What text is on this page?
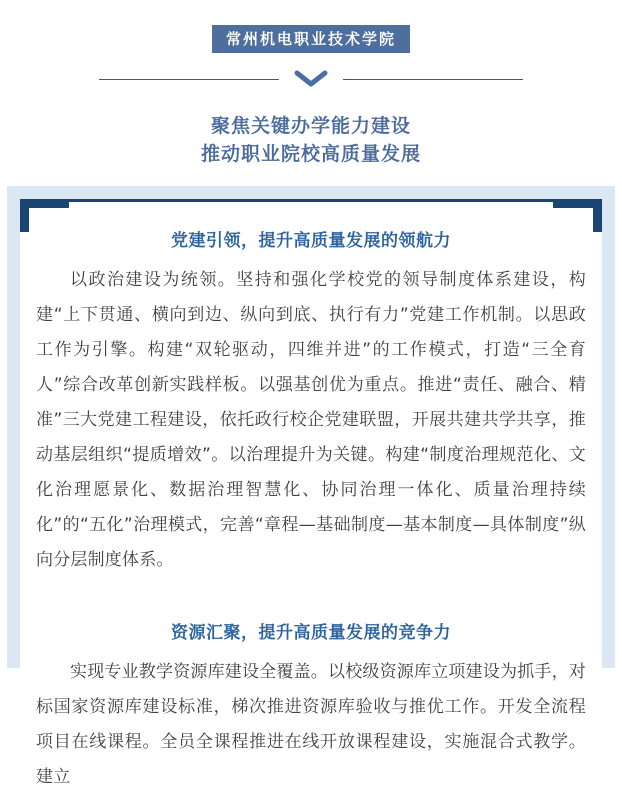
常州机电职业技术学院
聚焦关键办学能力建设
推动职业院校高质量发展
党建引领，提升高质量发展的领航力

以政治建设为统领。坚持和强化学校党的领导制度体系建设，构建“上下贯通、横向到边、纵向到底、执行有力”党建工作机制。以思政工作为引擎。构建“双轮驱动，四维并进”的工作模式，打造“三全育人”综合改革创新实践样板。以强基创优为重点。推进“责任、融合、精准”三大党建工程建设，依托政行校企党建联盟，开展共建共学共享，推动基层组织“提质增效”。以治理提升为关键。构建“制度治理规范化、文化治理愿景化、数据治理智慧化、协同治理一体化、质量治理持续化”的“五化”治理模式，完善“章程—基础制度—基本制度—具体制度”纵向分层制度体系。

资源汇聚，提升高质量发展的竞争力

实现专业教学资源库建设全覆盖。以校级资源库立项建设为抓手，对标国家资源库建设标准，梯次推进资源库验收与推优工作。开发全流程项目在线课程。全员全课程推进在线开放课程建设，实施混合式教学。建立
